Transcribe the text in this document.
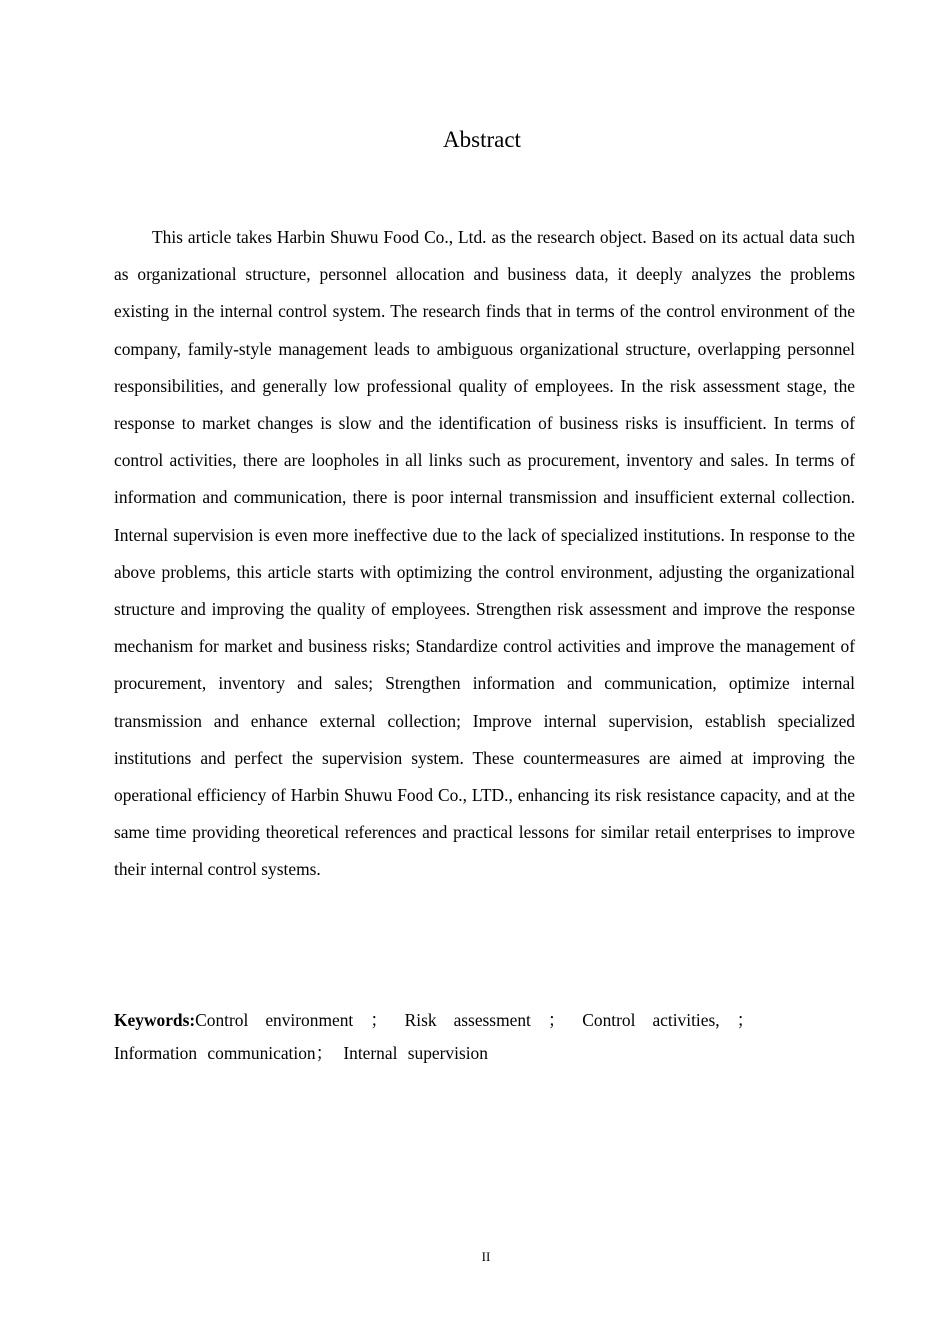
Abstract

This article takes Harbin Shuwu Food Co., Ltd. as the research object. Based on its actual data such as organizational structure, personnel allocation and business data, it deeply analyzes the problems existing in the internal control system. The research finds that in terms of the control environment of the company, family-style management leads to ambiguous organizational structure, overlapping personnel responsibilities, and generally low professional quality of employees. In the risk assessment stage, the response to market changes is slow and the identification of business risks is insufficient. In terms of control activities, there are loopholes in all links such as procurement, inventory and sales. In terms of information and communication, there is poor internal transmission and insufficient external collection. Internal supervision is even more ineffective due to the lack of specialized institutions. In response to the above problems, this article starts with optimizing the control environment, adjusting the organizational structure and improving the quality of employees. Strengthen risk assessment and improve the response mechanism for market and business risks; Standardize control activities and improve the management of procurement, inventory and sales; Strengthen information and communication, optimize internal transmission and enhance external collection; Improve internal supervision, establish specialized institutions and perfect the supervision system. These countermeasures are aimed at improving the operational efficiency of Harbin Shuwu Food Co., LTD., enhancing its risk resistance capacity, and at the same time providing theoretical references and practical lessons for similar retail enterprises to improve their internal control systems.

Keywords:Control environment ； Risk assessment ； Control activities, ； Information communication； Internal supervision

II
